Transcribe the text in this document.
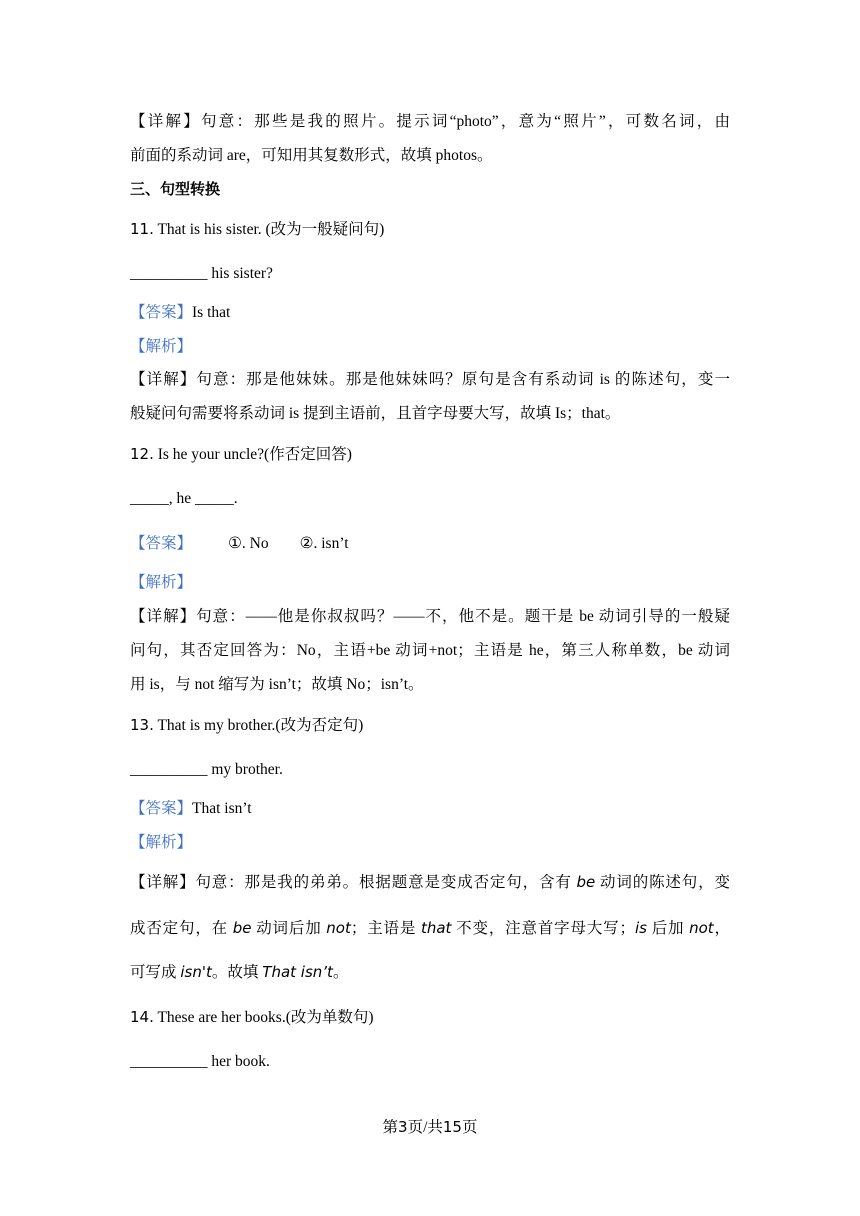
【详解】句意：那些是我的照片。提示词“photo”，意为“照片”，可数名词，由
前面的系动词 are，可知用其复数形式，故填 photos。
三、句型转换
11. That is his sister. (改为一般疑问句)
__________ his sister?
【答案】Is that
【解析】
【详解】句意：那是他妹妹。那是他妹妹吗？原句是含有系动词 is 的陈述句，变一
般疑问句需要将系动词 is 提到主语前，且首字母要大写，故填 Is；that。
12. Is he your uncle?(作否定回答)
_____, he _____.
【答案】 ①. No ②. isn’t
【解析】
【详解】句意：——他是你叔叔吗？——不，他不是。题干是 be 动词引导的一般疑
问句，其否定回答为：No，主语+be 动词+not；主语是 he，第三人称单数，be 动词
用 is，与 not 缩写为 isn’t；故填 No；isn’t。
13. That is my brother.(改为否定句)
__________ my brother.
【答案】That isn’t
【解析】
【详解】句意：那是我的弟弟。根据题意是变成否定句，含有 be 动词的陈述句，变
成否定句，在 be 动词后加 not；主语是 that 不变，注意首字母大写；is 后加 not，
可写成 isn't。故填 That isn’t。
14. These are her books.(改为单数句)
__________ her book.
第3页/共15页
